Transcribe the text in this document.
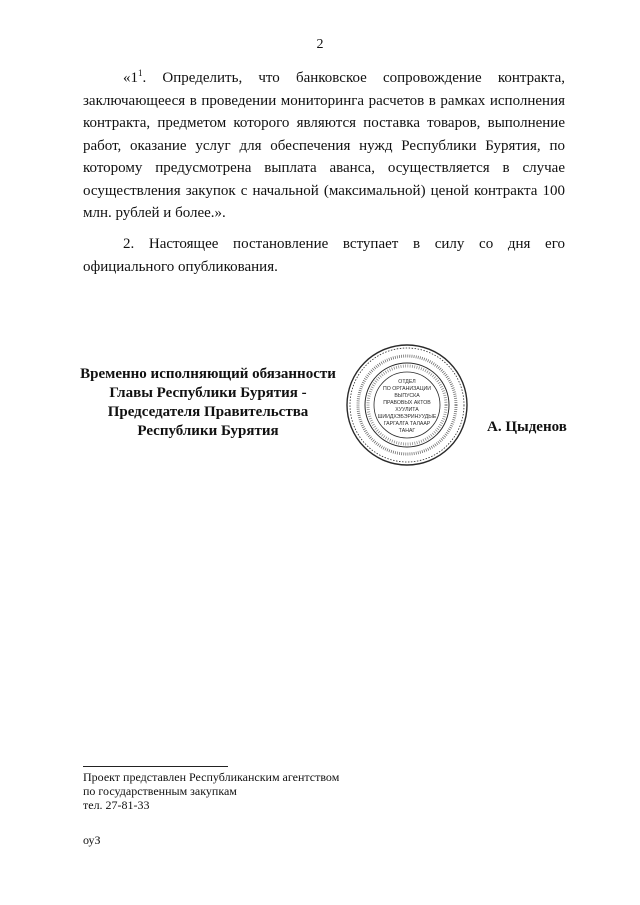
2

«$1^1$. Определить, что банковское сопровождение контракта, заключающееся в проведении мониторинга расчетов в рамках исполнения контракта, предметом которого являются поставка товаров, выполнение работ, оказание услуг для обеспечения нужд Республики Бурятия, по которому предусмотрена выплата аванса, осуществляется в случае осуществления закупок с начальной (максимальной) ценой контракта 100 млн. рублей и более.».

2. Настоящее постановление вступает в силу со дня его официального опубликования.

Временно исполняющий обязанности
Главы Республики Бурятия -
Председателя Правительства
Республики Бурятия
ОТДЕЛ
ПО ОРГАНИЗАЦИИ
ВЫПУСКА
ПРАВОВЫХ АКТОВ
ХУУЛИТА
ШИИДХЭБЭРИНУУДЫЕ
ГАРГАЛГА ТАЛААР
ТАНАГ	А. Цыденов
Проект представлен Республиканским агентством
по государственным закупкам
тел. 27-81-33
оуЗ
